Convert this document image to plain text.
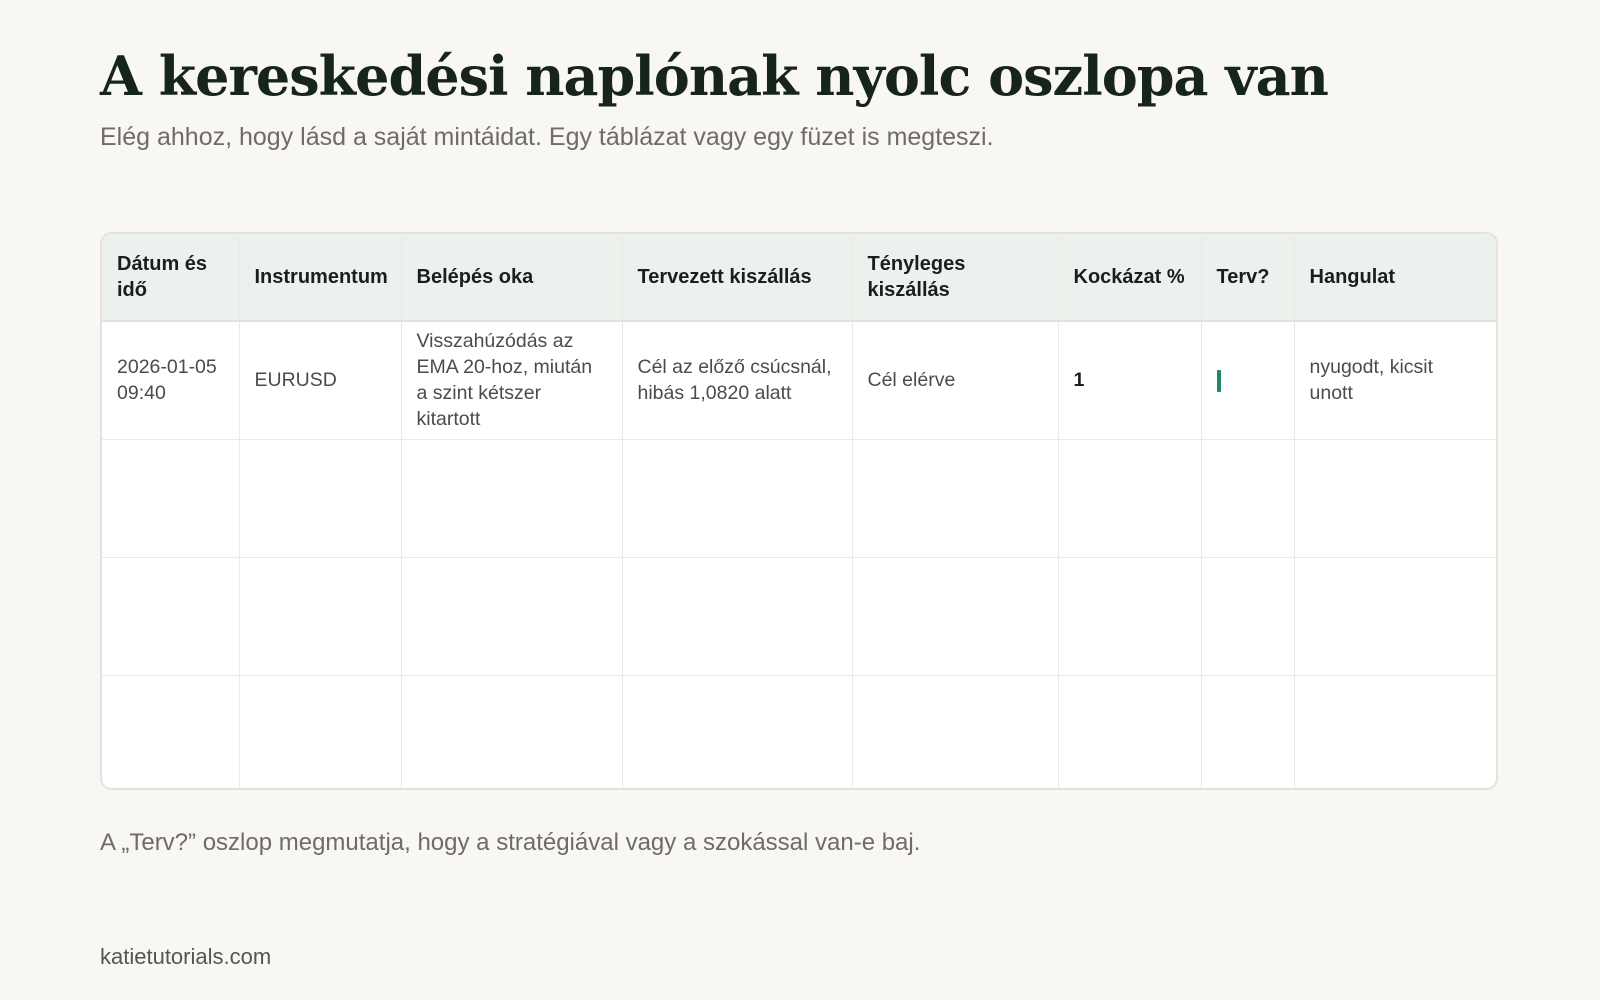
A kereskedési naplónak nyolc oszlopa van

Elég ahhoz, hogy lásd a saját mintáidat. Egy táblázat vagy egy füzet is megteszi.

Dátum és idő	Instrumentum	Belépés oka	Tervezett kiszállás	Tényleges kiszállás	Kockázat %	Terv?	Hangulat
2026-01-05 09:40	EURUSD	Visszahúzódás az EMA 20-hoz, miután a szint kétszer kitartott	Cél az előző csúcsnál, hibás 1,0820 alatt	Cél elérve	1		nyugodt, kicsit unott

A „Terv?” oszlop megmutatja, hogy a stratégiával vagy a szokással van-e baj.

katietutorials.com
